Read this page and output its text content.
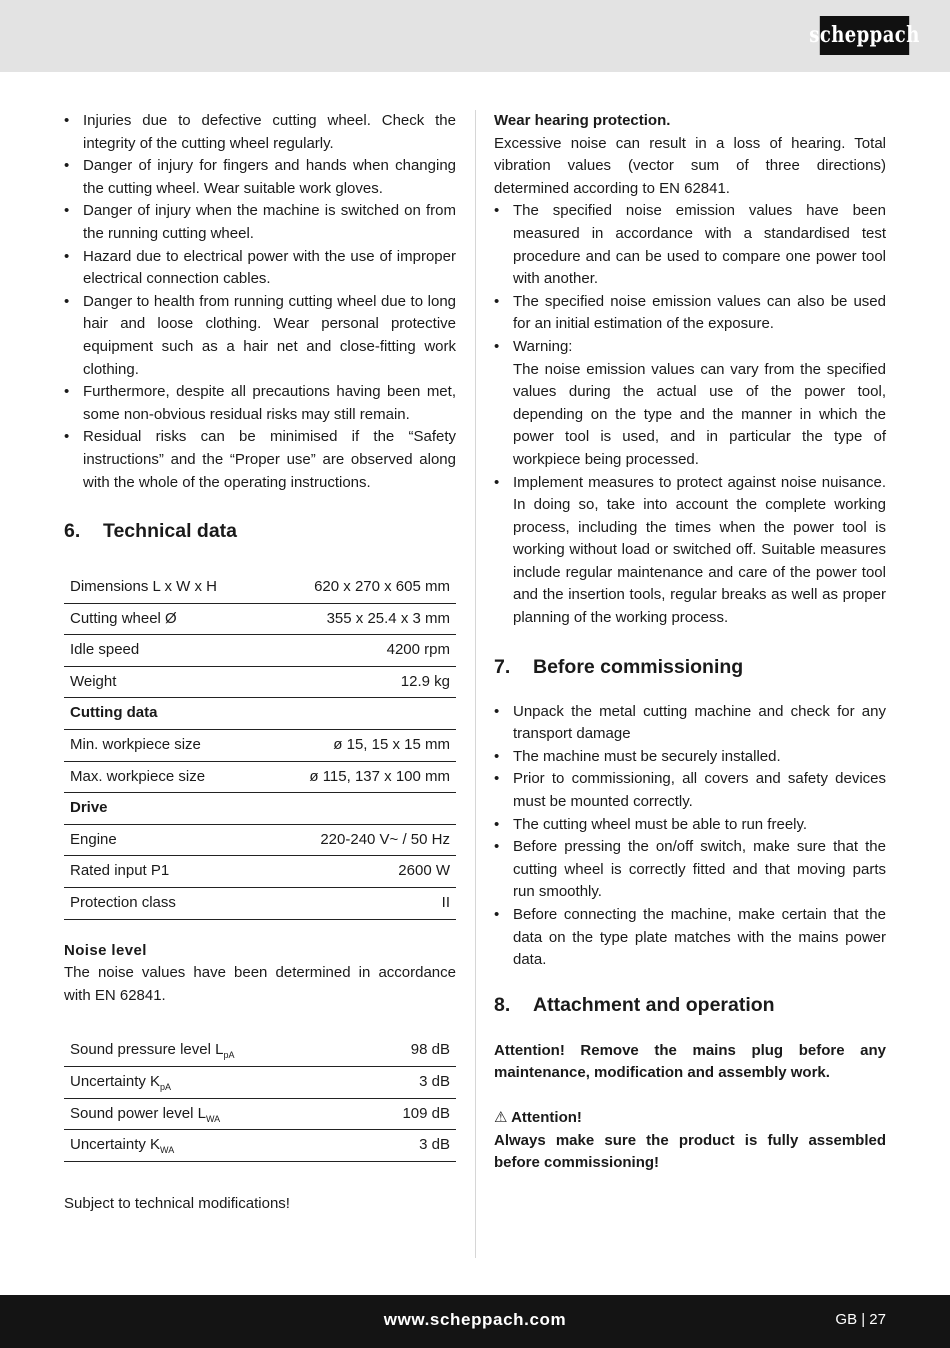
scheppach
• Injuries due to defective cutting wheel. Check the integrity of the cutting wheel regularly.
• Danger of injury for fingers and hands when changing the cutting wheel. Wear suitable work gloves.
• Danger of injury when the machine is switched on from the running cutting wheel.
• Hazard due to electrical power with the use of improper electrical connection cables.
• Danger to health from running cutting wheel due to long hair and loose clothing. Wear personal protective equipment such as a hair net and close-fitting work clothing.
• Furthermore, despite all precautions having been met, some non-obvious residual risks may still remain.
• Residual risks can be minimised if the “Safety instructions” and the “Proper use” are observed along with the whole of the operating instructions.
6.	Technical data
Dimensions L x W x H	620 x 270 x 605 mm
Cutting wheel Ø	355 x 25.4 x 3 mm
Idle speed	4200 rpm
Weight	12.9 kg
Cutting data	
Min. workpiece size	ø 15, 15 x 15 mm
Max. workpiece size	ø 115, 137 x 100 mm
Drive	
Engine	220-240 V~ / 50 Hz
Rated input P1	2600 W
Protection class	II
Noise level
The noise values have been determined in accordance with EN 62841.
Sound pressure level $L_{pA}$	98 dB
Uncertainty $K_{pA}$	3 dB
Sound power level $L_{WA}$	109 dB
Uncertainty $K_{WA}$	3 dB
Subject to technical modifications!
Wear hearing protection.
Excessive noise can result in a loss of hearing. Total vibration values (vector sum of three directions) determined according to EN 62841.
• The specified noise emission values have been measured in accordance with a standardised test procedure and can be used to compare one power tool with another.
• The specified noise emission values can also be used for an initial estimation of the exposure.
• Warning:
The noise emission values can vary from the specified values during the actual use of the power tool, depending on the type and the manner in which the power tool is used, and in particular the type of workpiece being processed.
• Implement measures to protect against noise nuisance. In doing so, take into account the complete working process, including the times when the power tool is working without load or switched off. Suitable measures include regular maintenance and care of the power tool and the insertion tools, regular breaks as well as proper planning of the working process.
7.	Before commissioning
• Unpack the metal cutting machine and check for any transport damage
• The machine must be securely installed.
• Prior to commissioning, all covers and safety devices must be mounted correctly.
• The cutting wheel must be able to run freely.
• Before pressing the on/off switch, make sure that the cutting wheel is correctly fitted and that moving parts run smoothly.
• Before connecting the machine, make certain that the data on the type plate matches with the mains power data.
8.	Attachment and operation
Attention! Remove the mains plug before any maintenance, modification and assembly work.
⚠ Attention!
Always make sure the product is fully assembled before commissioning!
www.scheppach.com	GB | 27
